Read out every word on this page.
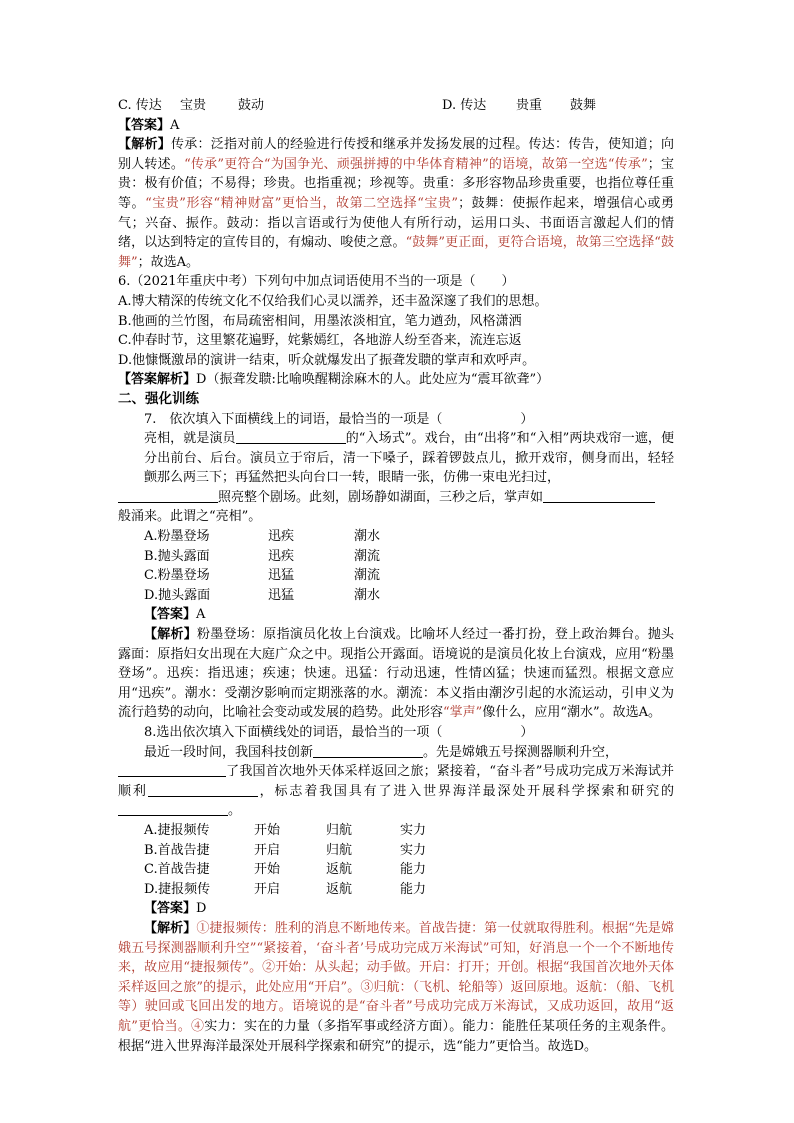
C. 传达	宝贵	鼓动	D. 传达	贵重	鼓舞

【答案】A

【解析】传承：泛指对前人的经验进行传授和继承并发扬发展的过程。传达：传告，使知道；向别人转述。“传承”更符合“为国争光、顽强拼搏的中华体育精神”的语境，故第一空选“传承”；宝贵：极有价值；不易得；珍贵。也指重视；珍视等。贵重：多形容物品珍贵重要，也指位尊任重等。“宝贵”形容“精神财富”更恰当，故第二空选择“宝贵”；鼓舞：使振作起来，增强信心或勇气；兴奋、振作。鼓动：指以言语或行为使他人有所行动，运用口头、书面语言激起人们的情绪，以达到特定的宣传目的，有煽动、唆使之意。“鼓舞”更正面，更符合语境，故第三空选择“鼓舞”；故选A。

6.（2021年重庆中考）下列句中加点词语使用不当的一项是（　　）

A.博大精深的传统文化不仅给我们心灵以濡养，还丰盈深邃了我们的思想。

B.他画的兰竹图，布局疏密相间，用墨浓淡相宜，笔力遒劲，风格潇洒

C.仲春时节，这里繁花遍野，姹紫嫣红，各地游人纷至沓来，流连忘返

D.他慷慨激昂的演讲一结束，听众就爆发出了振聋发聩的掌声和欢呼声。

【答案解析】D（振聋发聩:比喻唤醒糊涂麻木的人。此处应为“震耳欲聋”）

二、强化训练

7.　依次填入下面横线上的词语，最恰当的一项是（　　　　　　）

亮相，就是演员	的“入场式”。戏台，由“出将”和“入相”两块戏帘一遮，便分出前台、后台。演员立于帘后，清一下嗓子，踩着锣鼓点儿，掀开戏帘，侧身而出，轻轻颤那么两三下；再猛然把头向台口一转，眼睛一张，仿佛一束电光扫过，

照亮整个剧场。此刻，剧场静如湖面，三秒之后，掌声如

般涌来。此谓之“亮相”。

A.粉墨登场	迅疾	潮水
B.抛头露面	迅疾	潮流
C.粉墨登场	迅猛	潮流
D.抛头露面	迅猛	潮水

【答案】A

【解析】粉墨登场：原指演员化妆上台演戏。比喻坏人经过一番打扮，登上政治舞台。抛头露面：原指妇女出现在大庭广众之中。现指公开露面。语境说的是演员化妆上台演戏，应用“粉墨登场”。迅疾：指迅速；疾速；快速。迅猛：行动迅速，性情凶猛；快速而猛烈。根据文意应用“迅疾”。潮水：受潮汐影响而定期涨落的水。潮流：本义指由潮汐引起的水流运动，引申义为流行趋势的动向，比喻社会变动或发展的趋势。此处形容“掌声”像什么，应用“潮水”。故选A。

8.选出依次填入下面横线处的词语，最恰当的一项（　　　　　　）

最近一段时间，我国科技创新	。先是嫦娥五号探测器顺利升空，
了我国首次地外天体采样返回之旅；紧接着，“奋斗者”号成功完成万米海试并顺利	，标志着我国具有了进入世界海洋最深处开展科学探索和研究的。

A.捷报频传	开始	归航	实力
B.首战告捷	开启	归航	实力
C.首战告捷	开始	返航	能力
D.捷报频传	开启	返航	能力

【答案】D

【解析】①捷报频传：胜利的消息不断地传来。首战告捷：第一仗就取得胜利。根据“先是嫦娥五号探测器顺利升空”“紧接着，‘奋斗者’号成功完成万米海试”可知，好消息一个一个不断地传来，故应用“捷报频传”。②开始：从头起；动手做。开启：打开；开创。根据“我国首次地外天体采样返回之旅”的提示，此处应用“开启”。③归航：（飞机、轮船等）返回原地。返航：（船、飞机等）驶回或飞回出发的地方。语境说的是“奋斗者”号成功完成万米海试，又成功返回，故用“返航”更恰当。④实力：实在的力量（多指军事或经济方面）。能力：能胜任某项任务的主观条件。根据“进入世界海洋最深处开展科学探索和研究”的提示，选“能力”更恰当。故选D。
